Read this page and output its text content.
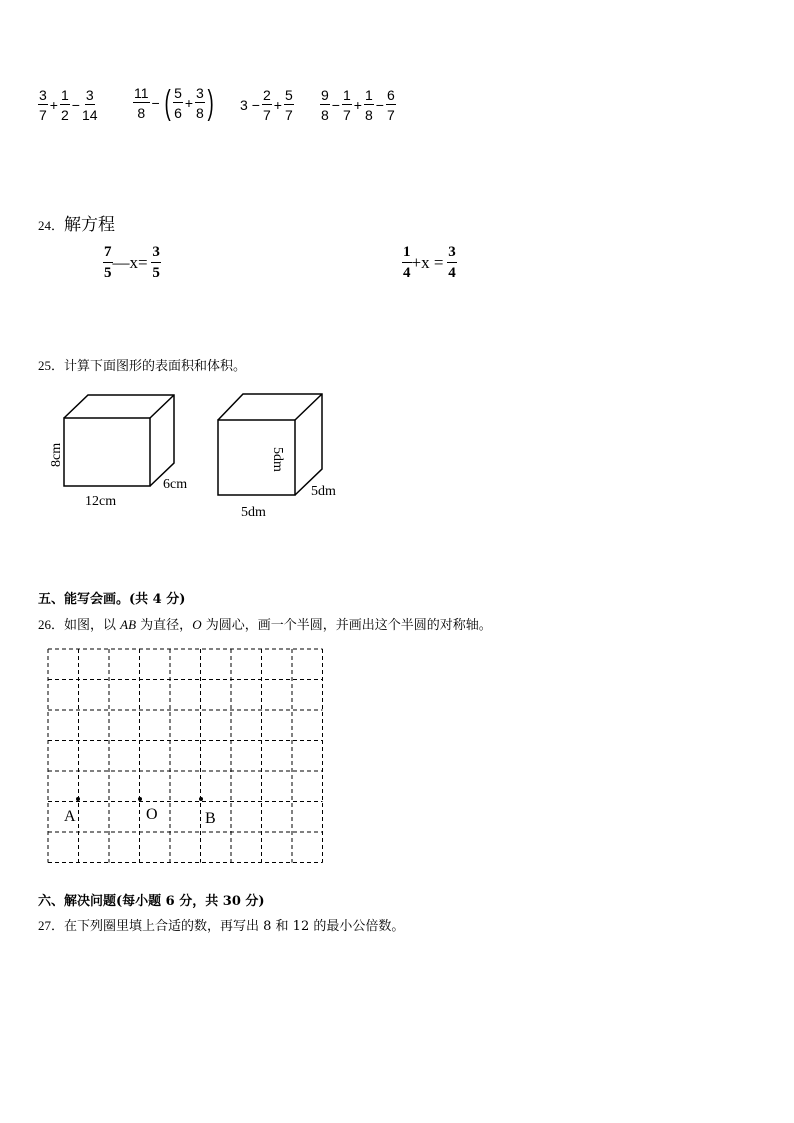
$\frac{3}{7} + \frac{1}{2} - \frac{3}{14}$	$\frac{11}{8}$ − ( $\frac{5}{6} + \frac{3}{8}$ ) $3 - \frac{2}{7} + \frac{5}{7} \frac{9}{8} - \frac{1}{7} + \frac{1}{8} - \frac{6}{7}$
24．解方程
$\frac{7}{5}$ —x= $\frac{3}{5}$	$\frac{1}{4} +x = \frac{3}{4}$
25．计算下面图形的表面积和体积。
8cm
12cm
6cm
5dm
5dm
5dm
五、能写会画。(共 4 分)
26．如图，以 AB 为直径，O 为圆心，画一个半圆，并画出这个半圆的对称轴。
A	O	B
六、解决问题(每小题 6 分，共 30 分)
27．在下列圈里填上合适的数，再写出 8 和 12 的最小公倍数。
